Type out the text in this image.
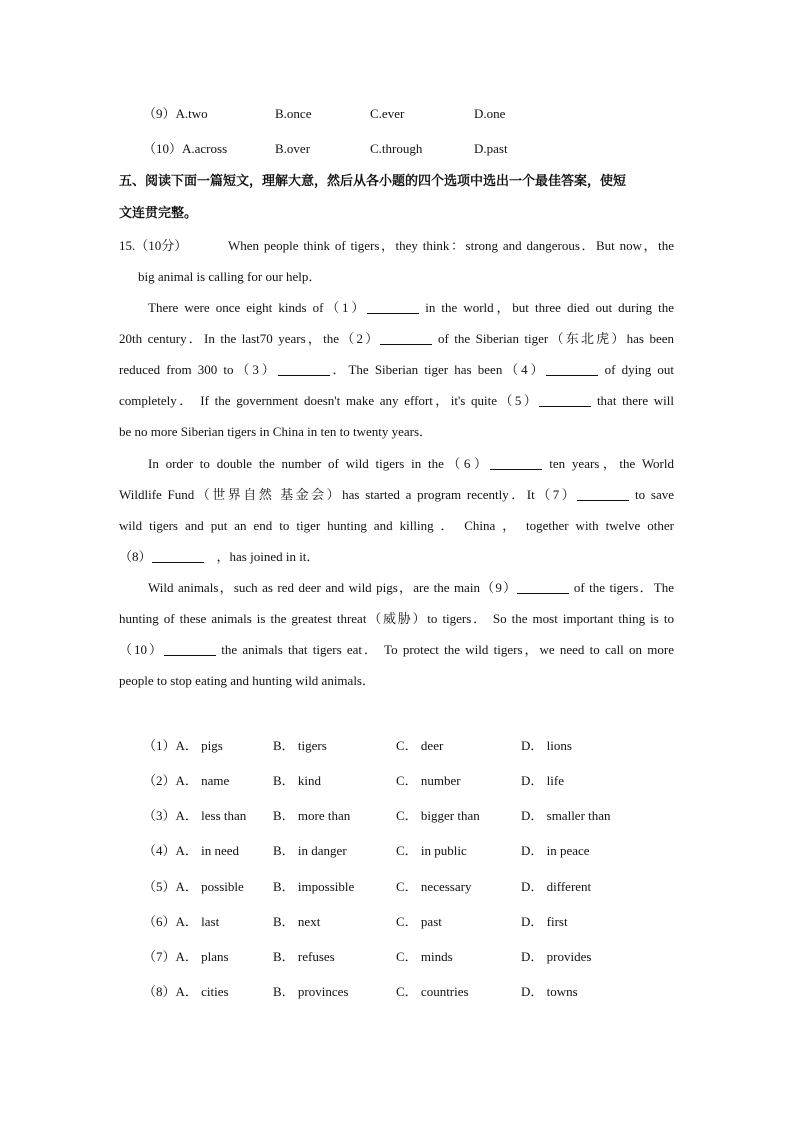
（9）A.two	B.once	C.ever	D.one
（10）A.across	B.over	C.through	D.past
五、阅读下面一篇短文，理解大意，然后从各小题的四个选项中选出一个最佳答案，使短
文连贯完整。
15.（10分）	When people think of tigers，they think：strong and dangerous．But now，the
big animal is calling for our help．
There were once eight kinds of（1）	in the world，but three died out during the
20th century．In the last70 years，the（2）	of the Siberian tiger（东北虎）has been
reduced from 300 to（3）	．The Siberian tiger has been（4）	of dying out
completely． If the government doesn't make any effort，it's quite（5）	that there will
be no more Siberian tigers in China in ten to twenty years．
In order to double the number of wild tigers in the（6）	ten years，the World
Wildlife Fund（世界自然 基金会）has started a program recently．It（7）	to save
wild tigers and put an end to tiger hunting and killing ． China ， together with twelve other
（8）	，has joined in it．
Wild animals，such as red deer and wild pigs，are the main（9）	of the tigers．The
hunting of these animals is the greatest threat（威胁）to tigers． So the most important thing is to
（10）	the animals that tigers eat． To protect the wild tigers，we need to call on more
people to stop eating and hunting wild animals．
（1）A． pigs	B． tigers	C． deer	D． lions
（2）A． name	B． kind	C． number	D． life
（3）A． less than B． more than	C． bigger than	D． smaller than
（4）A． in need	B． in danger	C． in public	D． in peace
（5）A． possible B． impossible	C． necessary	D． different
（6）A． last	B． next	C． past	D． first
（7）A． plans	B． refuses	C． minds	D． provides
（8）A． cities	B． provinces	C． countries	D． towns
